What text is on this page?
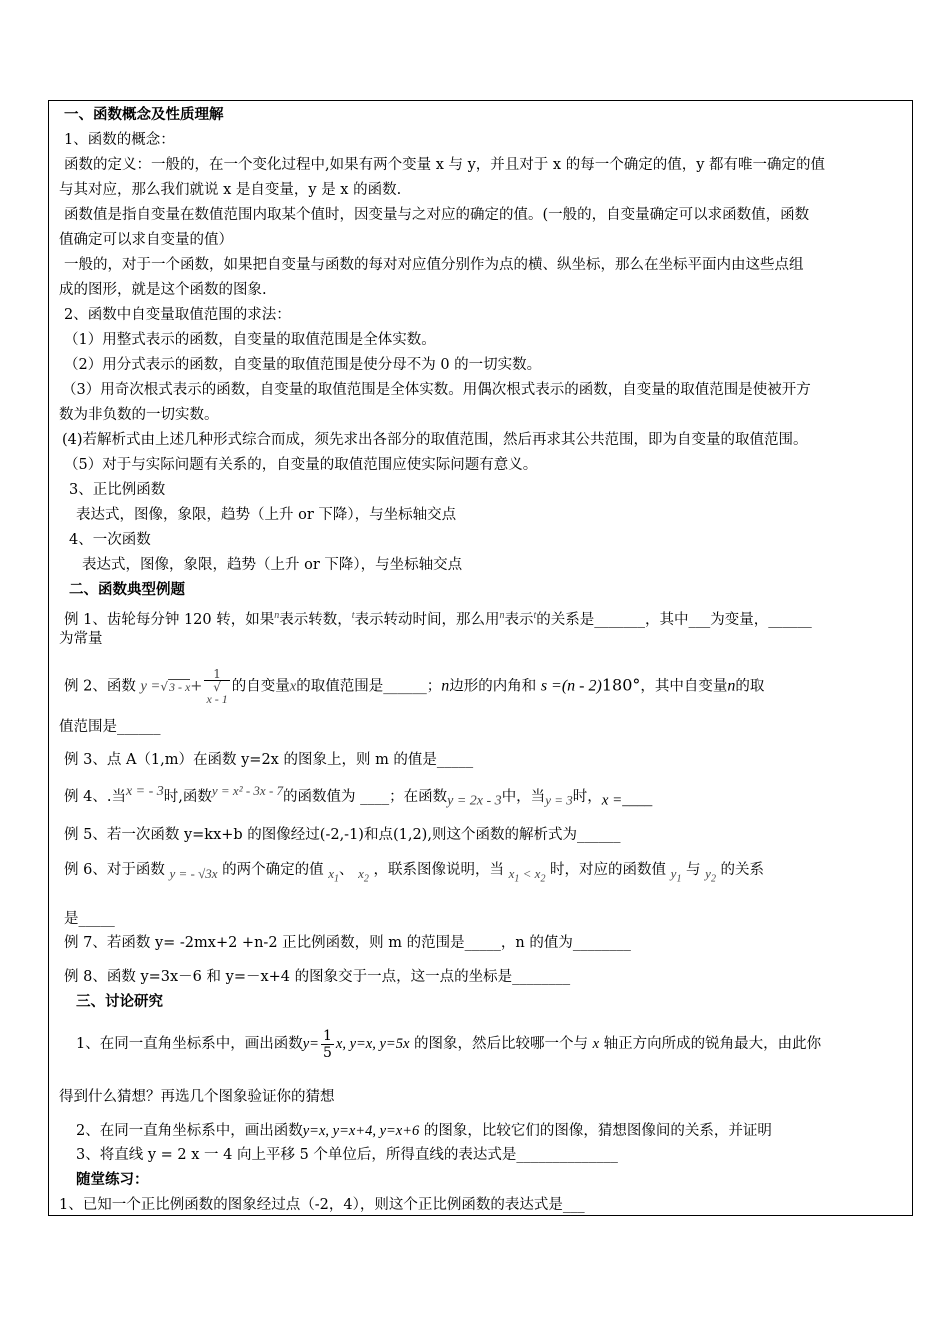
一、函数概念及性质理解
1、函数的概念：
函数的定义：一般的，在一个变化过程中,如果有两个变量 x 与 y，并且对于 x 的每一个确定的值，y 都有唯一确定的值
与其对应，那么我们就说 x 是自变量，y 是 x 的函数.
函数值是指自变量在数值范围内取某个值时，因变量与之对应的确定的值。(一般的，自变量确定可以求函数值，函数
值确定可以求自变量的值）
一般的，对于一个函数，如果把自变量与函数的每对对应值分别作为点的横、纵坐标，那么在坐标平面内由这些点组
成的图形，就是这个函数的图象.
2、函数中自变量取值范围的求法：
（1）用整式表示的函数，自变量的取值范围是全体实数。
（2）用分式表示的函数，自变量的取值范围是使分母不为 0 的一切实数。
（3）用奇次根式表示的函数，自变量的取值范围是全体实数。用偶次根式表示的函数，自变量的取值范围是使被开方
数为非负数的一切实数。
(4)若解析式由上述几种形式综合而成，须先求出各部分的取值范围，然后再求其公共范围，即为自变量的取值范围。
（5）对于与实际问题有关系的，自变量的取值范围应使实际问题有意义。
3、正比例函数
表达式，图像，象限，趋势（上升 or 下降），与坐标轴交点
4、一次函数
表达式，图像，象限，趋势（上升 or 下降），与坐标轴交点
二、函数典型例题
例 1、齿轮每分钟 120 转，如果$^n$表示转数，$^t$表示转动时间，那么用$^n$表示$^t$的关系是_______，其中___为变量，______
为常量
例 2、函数 y =√3 - x+ 1
√
x - 1 的自变量x的取值范围是______；n边形的内角和 s =(n - 2)180°，其中自变量n的取
值范围是______
例 3、点 A（1,m）在函数 y=2x 的图象上，则 m 的值是_____
例 4、.当$^{x = - 3}$时,函数$^{y = x^2 - 3x - 7}$的函数值为 ____；在函数$_{y = 2x - 3}$中，当$_{y = 3}$时，$_{x =\_\_\_\_}$
例 5、若一次函数 y=kx+b 的图像经过(-2,-1)和点(1,2),则这个函数的解析式为______
例 6、对于函数 $_{y = - √3x}$ 的两个确定的值 $_{x_1}$、 $_{x_2}$ ，联系图像说明，当 $_{x_1 < x_2}$ 时，对应的函数值 $_{y_1}$ 与 $_{y_2}$ 的关系
是_____
例 7、若函数 y= -2mx+2 +n-2 正比例函数，则 m 的范围是_____，n 的值为________
例 8、函数 y=3x－6 和 y=－x+4 的图象交于一点，这一点的坐标是________
三、讨论研究
1、在同一直角坐标系中，画出函数$y= \frac{1}{5} x$, y=x, y=5x 的图象，然后比较哪一个与 x 轴正方向所成的锐角最大，由此你
得到什么猜想？再选几个图象验证你的猜想
2、在同一直角坐标系中，画出函数y=x, y=x+4, y=x+6 的图象，比较它们的图像，猜想图像间的关系，并证明
3、将直线 y = 2 x 一 4 向上平移 5 个单位后，所得直线的表达式是______________
随堂练习：
1、已知一个正比例函数的图象经过点（-2，4），则这个正比例函数的表达式是___
